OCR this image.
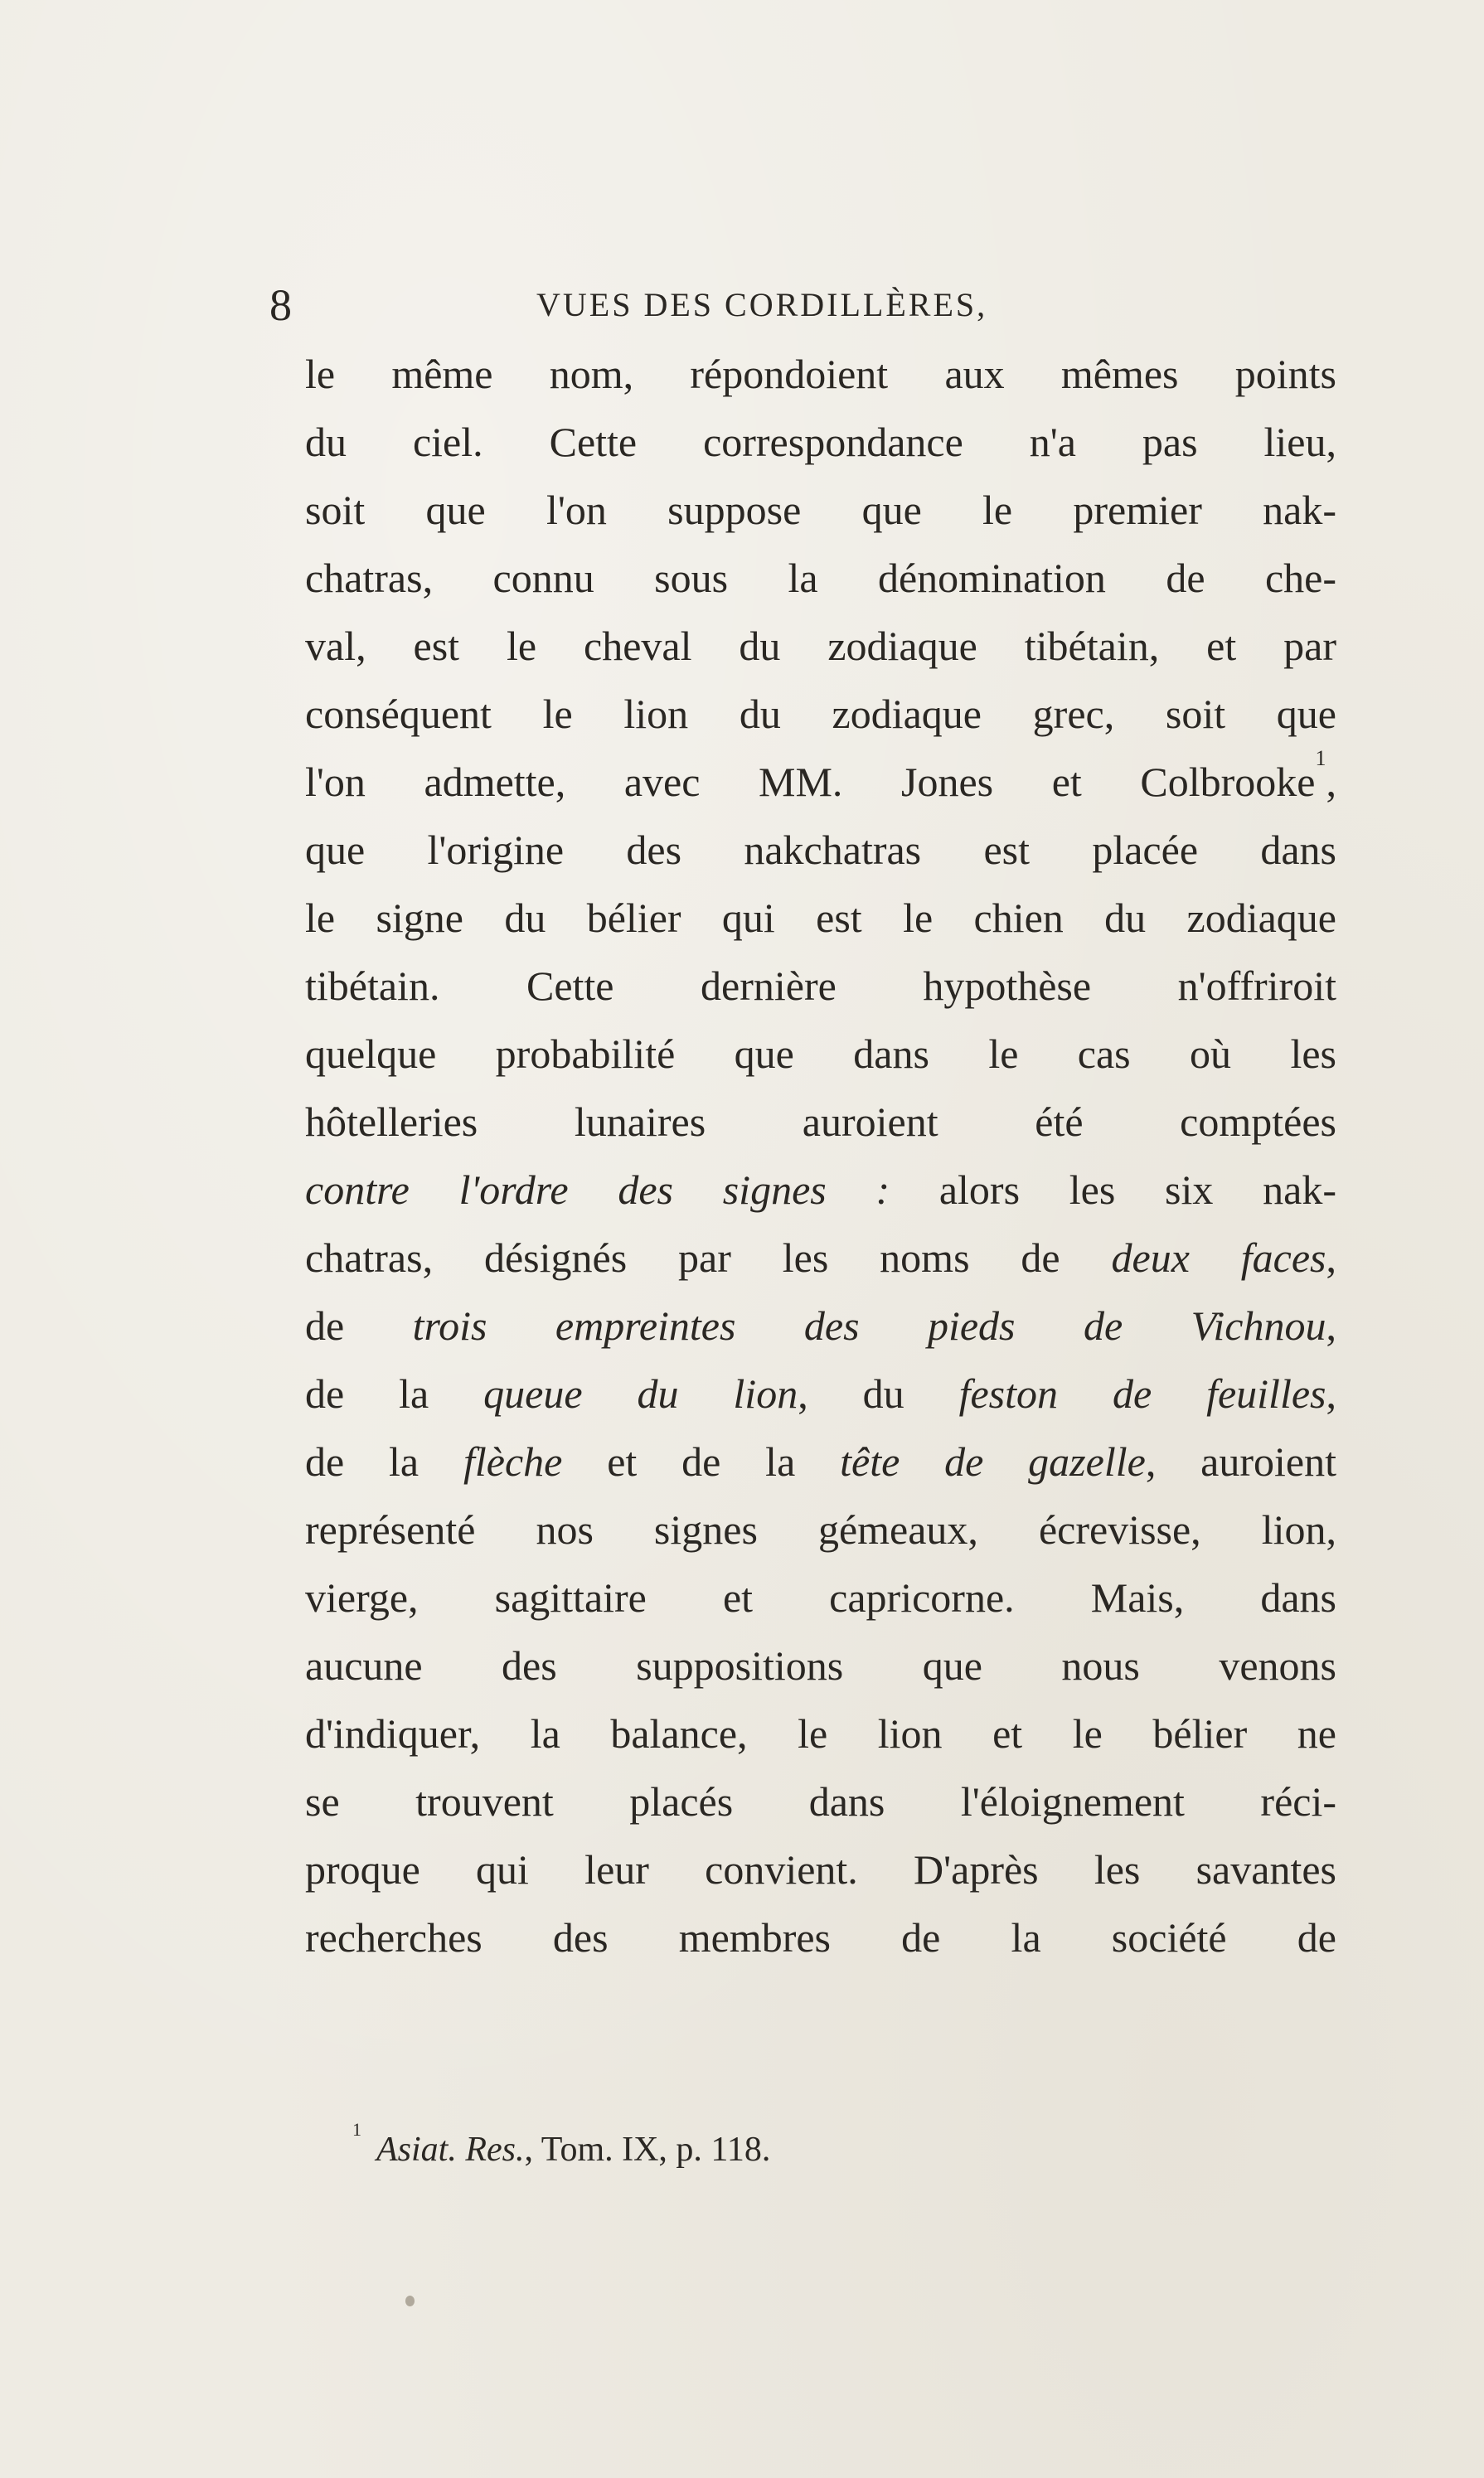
8	VUES DES CORDILLÈRES,
le même nom, répondoient aux mêmes points
du ciel. Cette correspondance n'a pas lieu,
soit que l'on suppose que le premier nak-
chatras, connu sous la dénomination de che-
val, est le cheval du zodiaque tibétain, et par
conséquent le lion du zodiaque grec, soit que
l'on admette, avec MM. Jones et Colbrooke$^1$,
que l'origine des nakchatras est placée dans
le signe du bélier qui est le chien du zodiaque
tibétain. Cette dernière hypothèse n'offriroit
quelque probabilité que dans le cas où les
hôtelleries lunaires auroient été comptées
contre l'ordre des signes : alors les six nak-
chatras, désignés par les noms de deux faces,
de trois empreintes des pieds de Vichnou,
de la queue du lion, du feston de feuilles,
de la flèche et de la tête de gazelle, auroient
représenté nos signes gémeaux, écrevisse, lion,
vierge, sagittaire et capricorne. Mais, dans
aucune des suppositions que nous venons
d'indiquer, la balance, le lion et le bélier ne
se trouvent placés dans l'éloignement réci-
proque qui leur convient. D'après les savantes
recherches des membres de la société de
$^1$Asiat. Res., Tom. IX, p. 118.
